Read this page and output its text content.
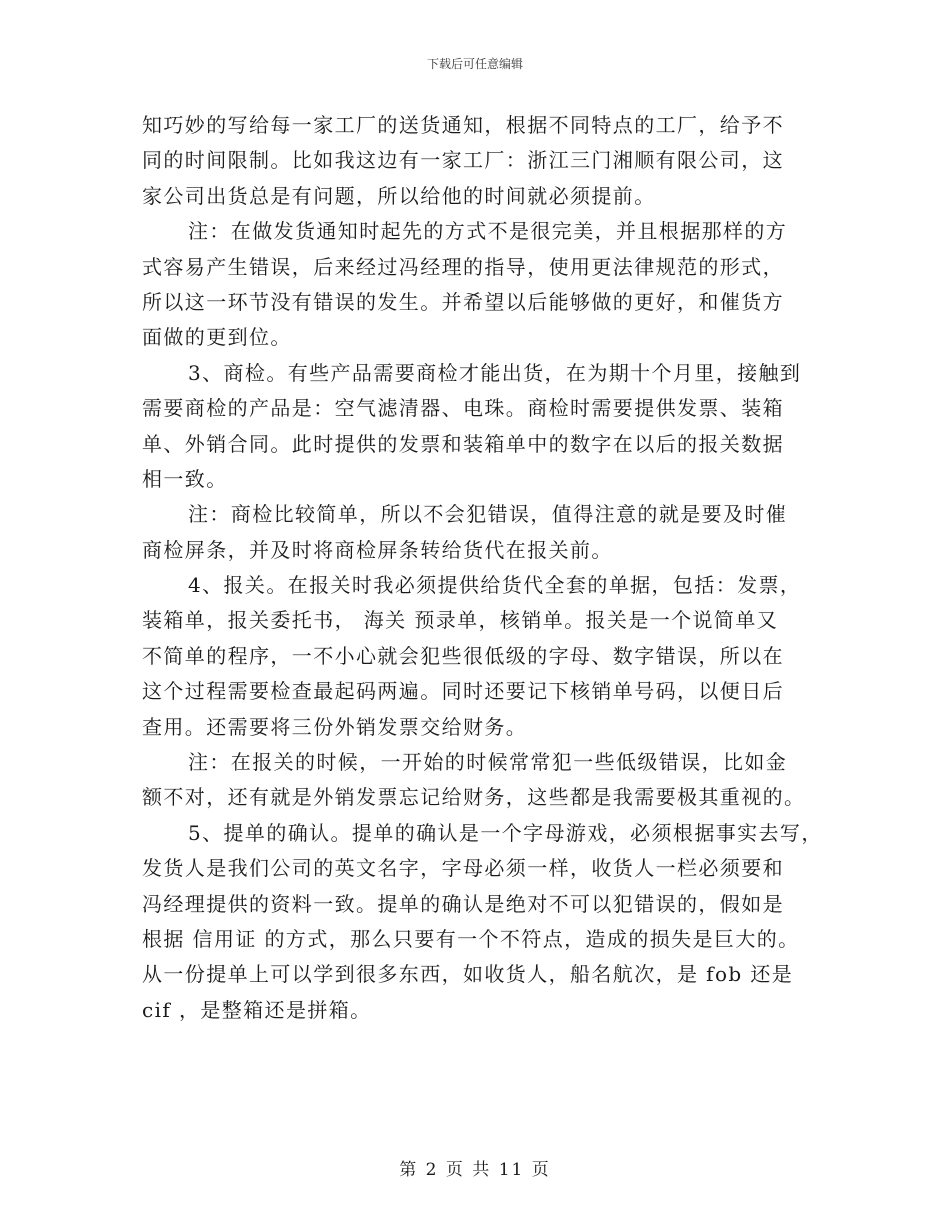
下载后可任意编辑
知巧妙的写给每一家工厂的送货通知，根据不同特点的工厂，给予不
同的时间限制。比如我这边有一家工厂：浙江三门湘顺有限公司，这
家公司出货总是有问题，所以给他的时间就必须提前。
注：在做发货通知时起先的方式不是很完美，并且根据那样的方
式容易产生错误，后来经过冯经理的指导，使用更法律规范的形式，
所以这一环节没有错误的发生。并希望以后能够做的更好，和催货方
面做的更到位。
3、商检。有些产品需要商检才能出货，在为期十个月里，接触到
需要商检的产品是：空气滤清器、电珠。商检时需要提供发票、装箱
单、外销合同。此时提供的发票和装箱单中的数字在以后的报关数据
相一致。
注：商检比较简单，所以不会犯错误，值得注意的就是要及时催
商检屏条，并及时将商检屏条转给货代在报关前。
4、报关。在报关时我必须提供给货代全套的单据，包括：发票，
装箱单，报关委托书， 海关 预录单，核销单。报关是一个说简单又
不简单的程序，一不小心就会犯些很低级的字母、数字错误，所以在
这个过程需要检查最起码两遍。同时还要记下核销单号码，以便日后
查用。还需要将三份外销发票交给财务。
注：在报关的时候，一开始的时候常常犯一些低级错误，比如金
额不对，还有就是外销发票忘记给财务，这些都是我需要极其重视的。
5、提单的确认。提单的确认是一个字母游戏，必须根据事实去写，
发货人是我们公司的英文名字，字母必须一样，收货人一栏必须要和
冯经理提供的资料一致。提单的确认是绝对不可以犯错误的，假如是
根据 信用证 的方式，那么只要有一个不符点，造成的损失是巨大的。
从一份提单上可以学到很多东西，如收货人，船名航次，是 fob 还是
cif ，是整箱还是拼箱。
第 2 页 共 11 页
